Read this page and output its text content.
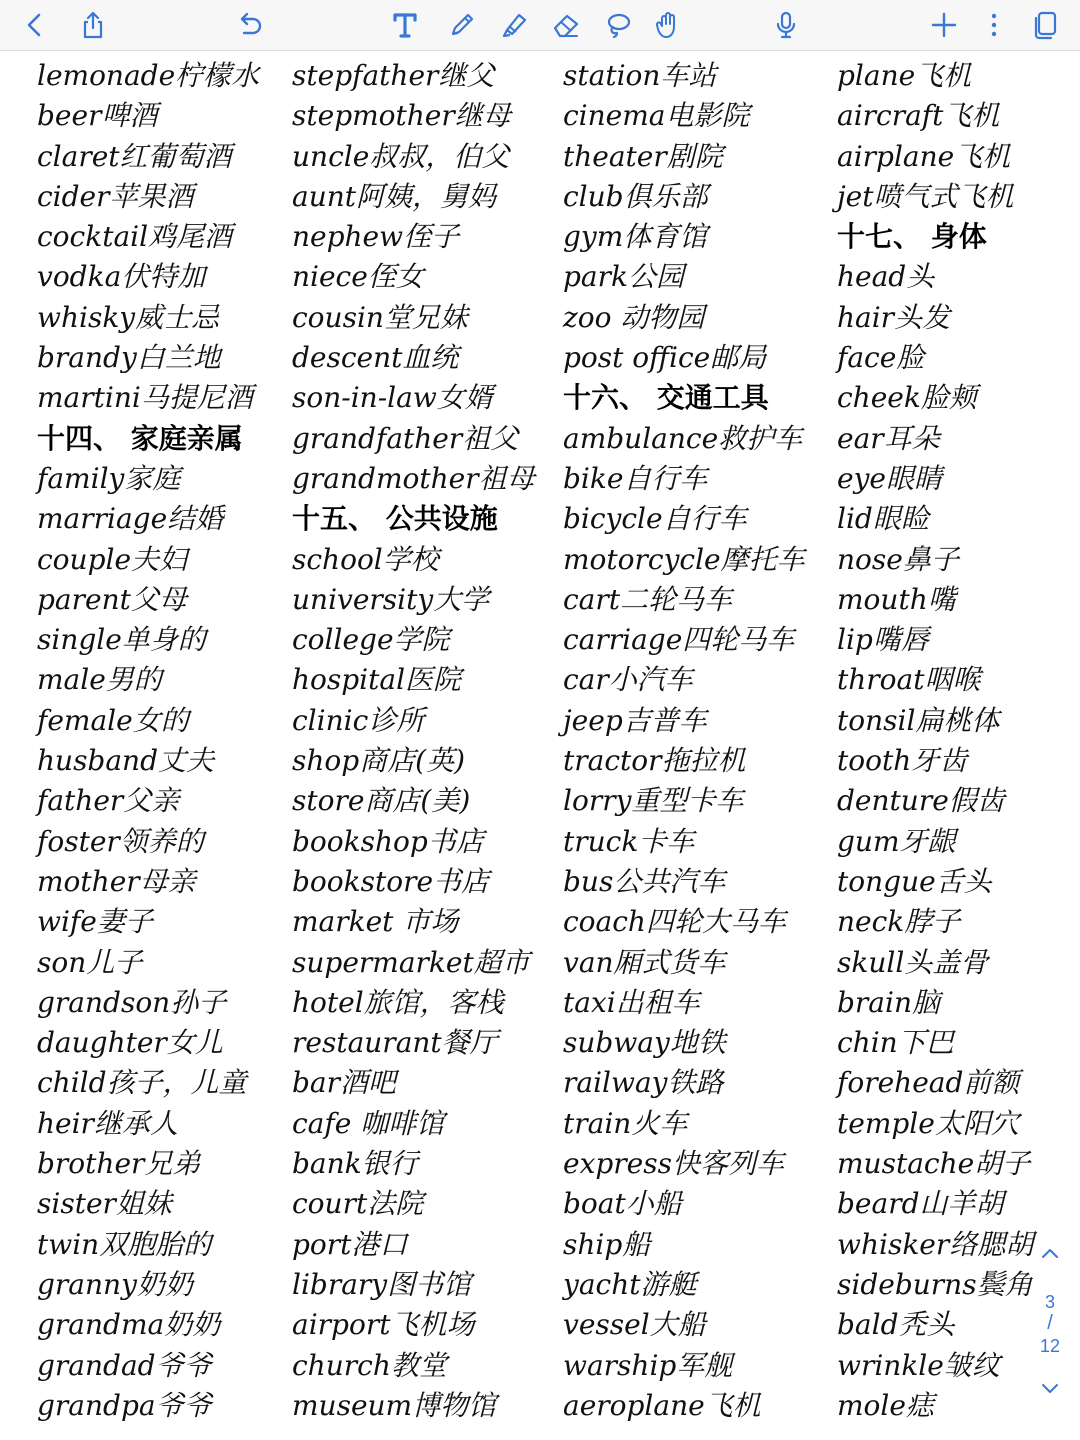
lemonade柠檬水
beer啤酒
claret红葡萄酒
cider苹果酒
cocktail鸡尾酒
vodka伏特加
whisky威士忌
brandy白兰地
martini马提尼酒
十四、 家庭亲属
family家庭
marriage结婚
couple夫妇
parent父母
single单身的
male男的
female女的
husband丈夫
father父亲
foster领养的
mother母亲
wife妻子
son儿子
grandson孙子
daughter女儿
child孩子，儿童
heir继承人
brother兄弟
sister姐妹
twin双胞胎的
granny奶奶
grandma奶奶
grandad爷爷
grandpa爷爷
stepfather继父
stepmother继母
uncle叔叔，伯父
aunt阿姨，舅妈
nephew侄子
niece侄女
cousin堂兄妹
descent血统
son-in-law女婿
grandfather祖父
grandmother祖母
十五、 公共设施
school学校
university大学
college学院
hospital医院
clinic诊所
shop商店(英)
store商店(美)
bookshop书店
bookstore书店
market 市场
supermarket超市
hotel旅馆，客栈
restaurant餐厅
bar酒吧
cafe 咖啡馆
bank银行
court法院
port港口
library图书馆
airport飞机场
church教堂
museum博物馆
station车站
cinema电影院
theater剧院
club俱乐部
gym体育馆
park公园
zoo 动物园
post office邮局
十六、 交通工具
ambulance救护车
bike自行车
bicycle自行车
motorcycle摩托车
cart二轮马车
carriage四轮马车
car小汽车
jeep吉普车
tractor拖拉机
lorry重型卡车
truck卡车
bus公共汽车
coach四轮大马车
van厢式货车
taxi出租车
subway地铁
railway铁路
train火车
express快客列车
boat小船
ship船
yacht游艇
vessel大船
warship军舰
aeroplane飞机
plane飞机
aircraft飞机
airplane飞机
jet喷气式飞机
十七、 身体
head头
hair头发
face脸
cheek脸颊
ear耳朵
eye眼睛
lid眼睑
nose鼻子
mouth嘴
lip嘴唇
throat咽喉
tonsil扁桃体
tooth牙齿
denture假齿
gum牙龈
tongue舌头
neck脖子
skull头盖骨
brain脑
chin下巴
forehead前额
temple太阳穴
mustache胡子
beard山羊胡
whisker络腮胡
sideburns鬓角
bald秃头
wrinkle皱纹
mole痣
3
/
12
